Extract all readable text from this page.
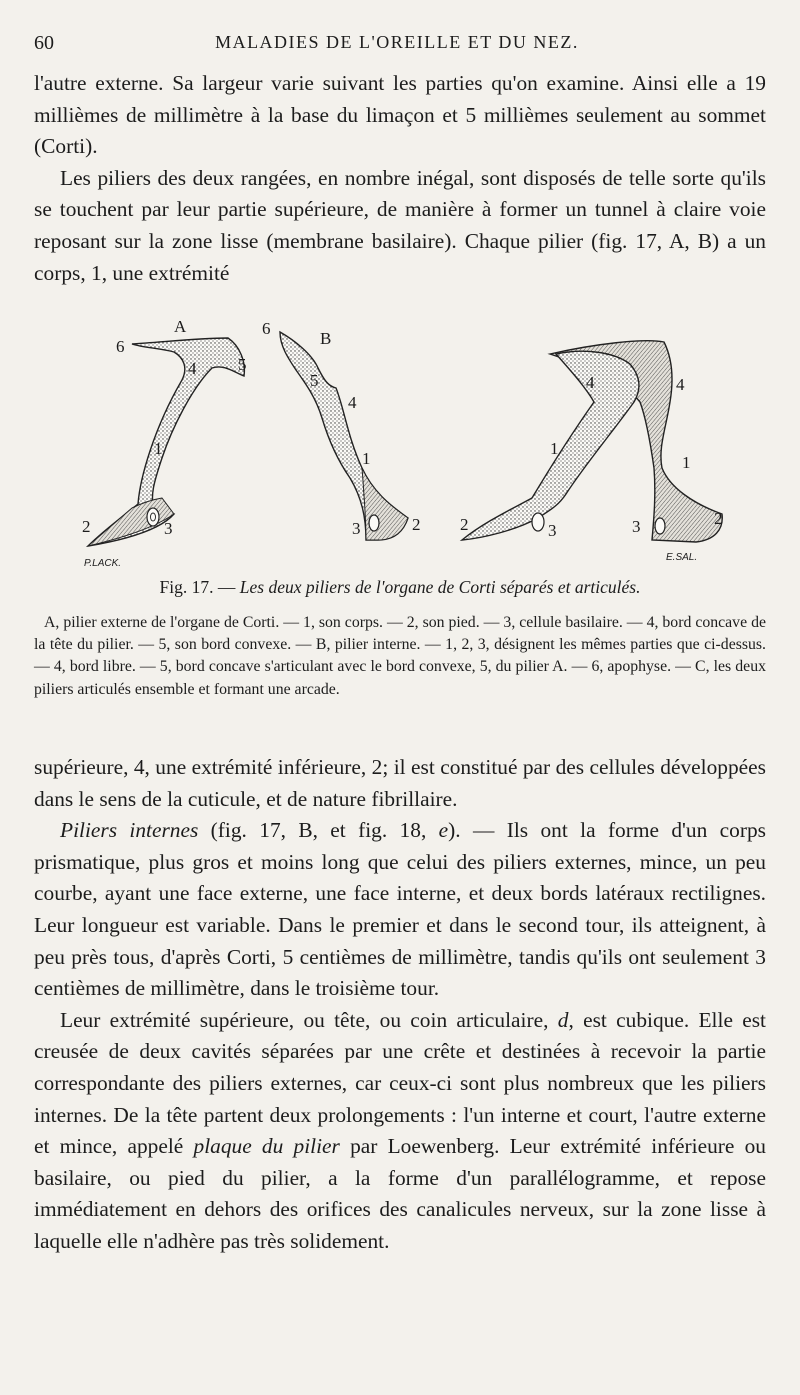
60	MALADIES DE L'OREILLE ET DU NEZ.

l'autre externe. Sa largeur varie suivant les parties qu'on examine. Ainsi elle a 19 millièmes de millimètre à la base du limaçon et 5 millièmes seulement au sommet (Corti).

Les piliers des deux rangées, en nombre inégal, sont disposés de telle sorte qu'ils se touchent par leur partie supérieure, de manière à former un tunnel à claire voie reposant sur la zone lisse (membrane basilaire). Chaque pilier (fig. 17, A, B) a un corps, 1, une extrémité

A
6
5
4
1
2	3
P.LACK.
B
6
5
4
1
3	2
4	4
1
1
2	3	3	2
E.SAL.
Fig. 17. — Les deux piliers de l'organe de Corti séparés et articulés.

A, pilier externe de l'organe de Corti. — 1, son corps. — 2, son pied. — 3, cellule basilaire. — 4, bord concave de la tête du pilier. — 5, son bord convexe. — B, pilier interne. — 1, 2, 3, désignent les mêmes parties que ci-dessus. — 4, bord libre. — 5, bord concave s'articulant avec le bord convexe, 5, du pilier A. — 6, apophyse. — C, les deux piliers articulés ensemble et formant une arcade.

supérieure, 4, une extrémité inférieure, 2; il est constitué par des cellules développées dans le sens de la cuticule, et de nature fibrillaire.

Piliers internes (fig. 17, B, et fig. 18, e). — Ils ont la forme d'un corps prismatique, plus gros et moins long que celui des piliers externes, mince, un peu courbe, ayant une face externe, une face interne, et deux bords latéraux rectilignes. Leur longueur est variable. Dans le premier et dans le second tour, ils atteignent, à peu près tous, d'après Corti, 5 centièmes de millimètre, tandis qu'ils ont seulement 3 centièmes de millimètre, dans le troisième tour.

Leur extrémité supérieure, ou tête, ou coin articulaire, d, est cubique. Elle est creusée de deux cavités séparées par une crête et destinées à recevoir la partie correspondante des piliers externes, car ceux-ci sont plus nombreux que les piliers internes. De la tête partent deux prolongements : l'un interne et court, l'autre externe et mince, appelé plaque du pilier par Loewenberg. Leur extrémité inférieure ou basilaire, ou pied du pilier, a la forme d'un parallélogramme, et repose immédiatement en dehors des orifices des canalicules nerveux, sur la zone lisse à laquelle elle n'adhère pas très solidement.
